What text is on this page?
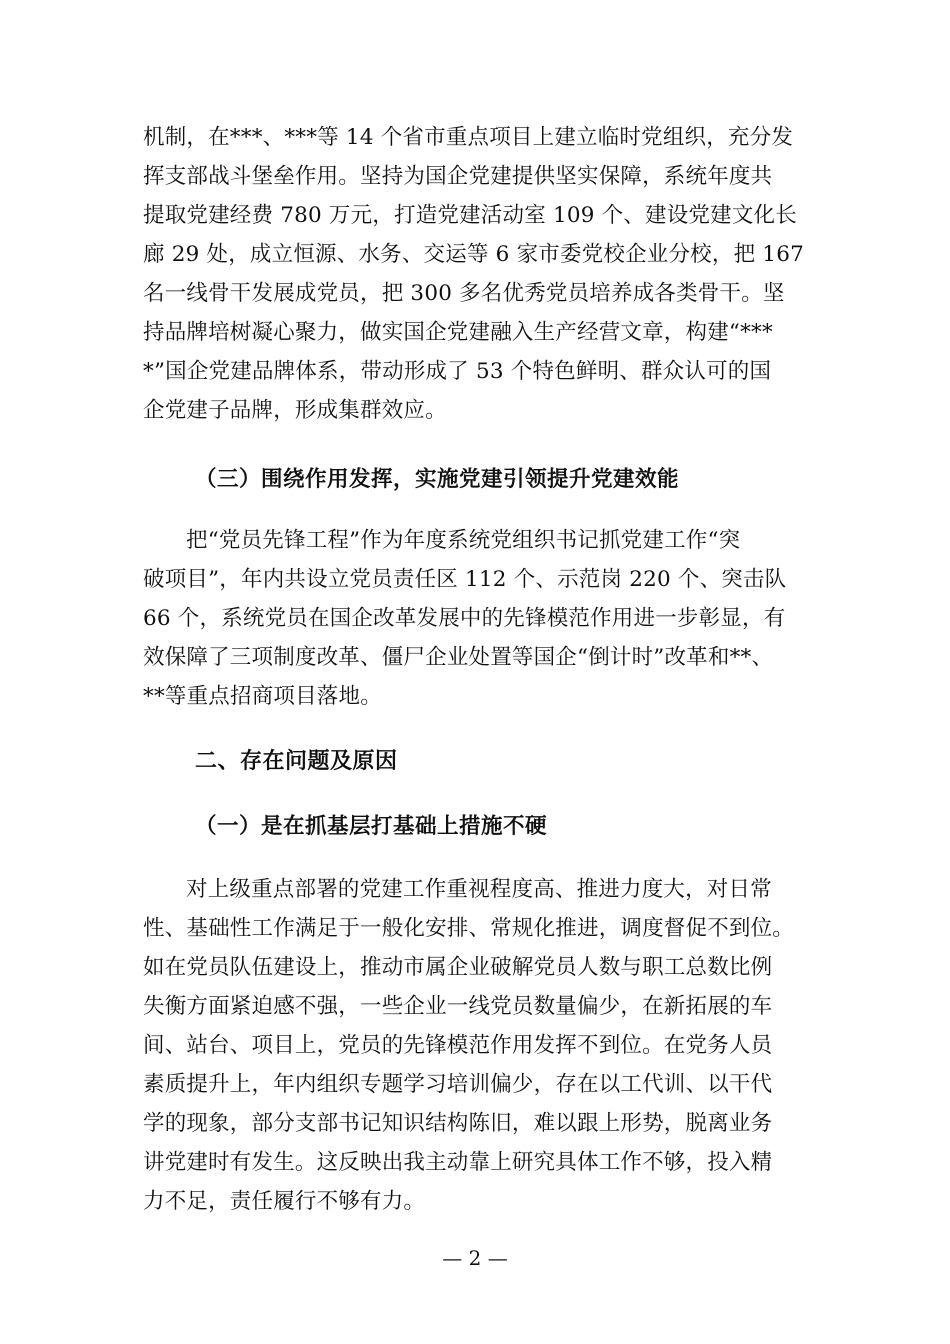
机制，在***、***等 14 个省市重点项目上建立临时党组织，充分发
挥支部战斗堡垒作用。坚持为国企党建提供坚实保障，系统年度共
提取党建经费 780 万元，打造党建活动室 109 个、建设党建文化长
廊 29 处，成立恒源、水务、交运等 6 家市委党校企业分校，把 167
名一线骨干发展成党员，把 300 多名优秀党员培养成各类骨干。坚
持品牌培树凝心聚力，做实国企党建融入生产经营文章，构建“***
*”国企党建品牌体系，带动形成了 53 个特色鲜明、群众认可的国
企党建子品牌，形成集群效应。

（三）围绕作用发挥，实施党建引领提升党建效能

把“党员先锋工程”作为年度系统党组织书记抓党建工作“突
破项目”，年内共设立党员责任区 112 个、示范岗 220 个、突击队
66 个，系统党员在国企改革发展中的先锋模范作用进一步彰显，有
效保障了三项制度改革、僵尸企业处置等国企“倒计时”改革和**、
**等重点招商项目落地。

二、存在问题及原因
（一）是在抓基层打基础上措施不硬

对上级重点部署的党建工作重视程度高、推进力度大，对日常
性、基础性工作满足于一般化安排、常规化推进，调度督促不到位。
如在党员队伍建设上，推动市属企业破解党员人数与职工总数比例
失衡方面紧迫感不强，一些企业一线党员数量偏少，在新拓展的车
间、站台、项目上，党员的先锋模范作用发挥不到位。在党务人员
素质提升上，年内组织专题学习培训偏少，存在以工代训、以干代
学的现象，部分支部书记知识结构陈旧，难以跟上形势，脱离业务
讲党建时有发生。这反映出我主动靠上研究具体工作不够，投入精
力不足，责任履行不够有力。

— 2 —
